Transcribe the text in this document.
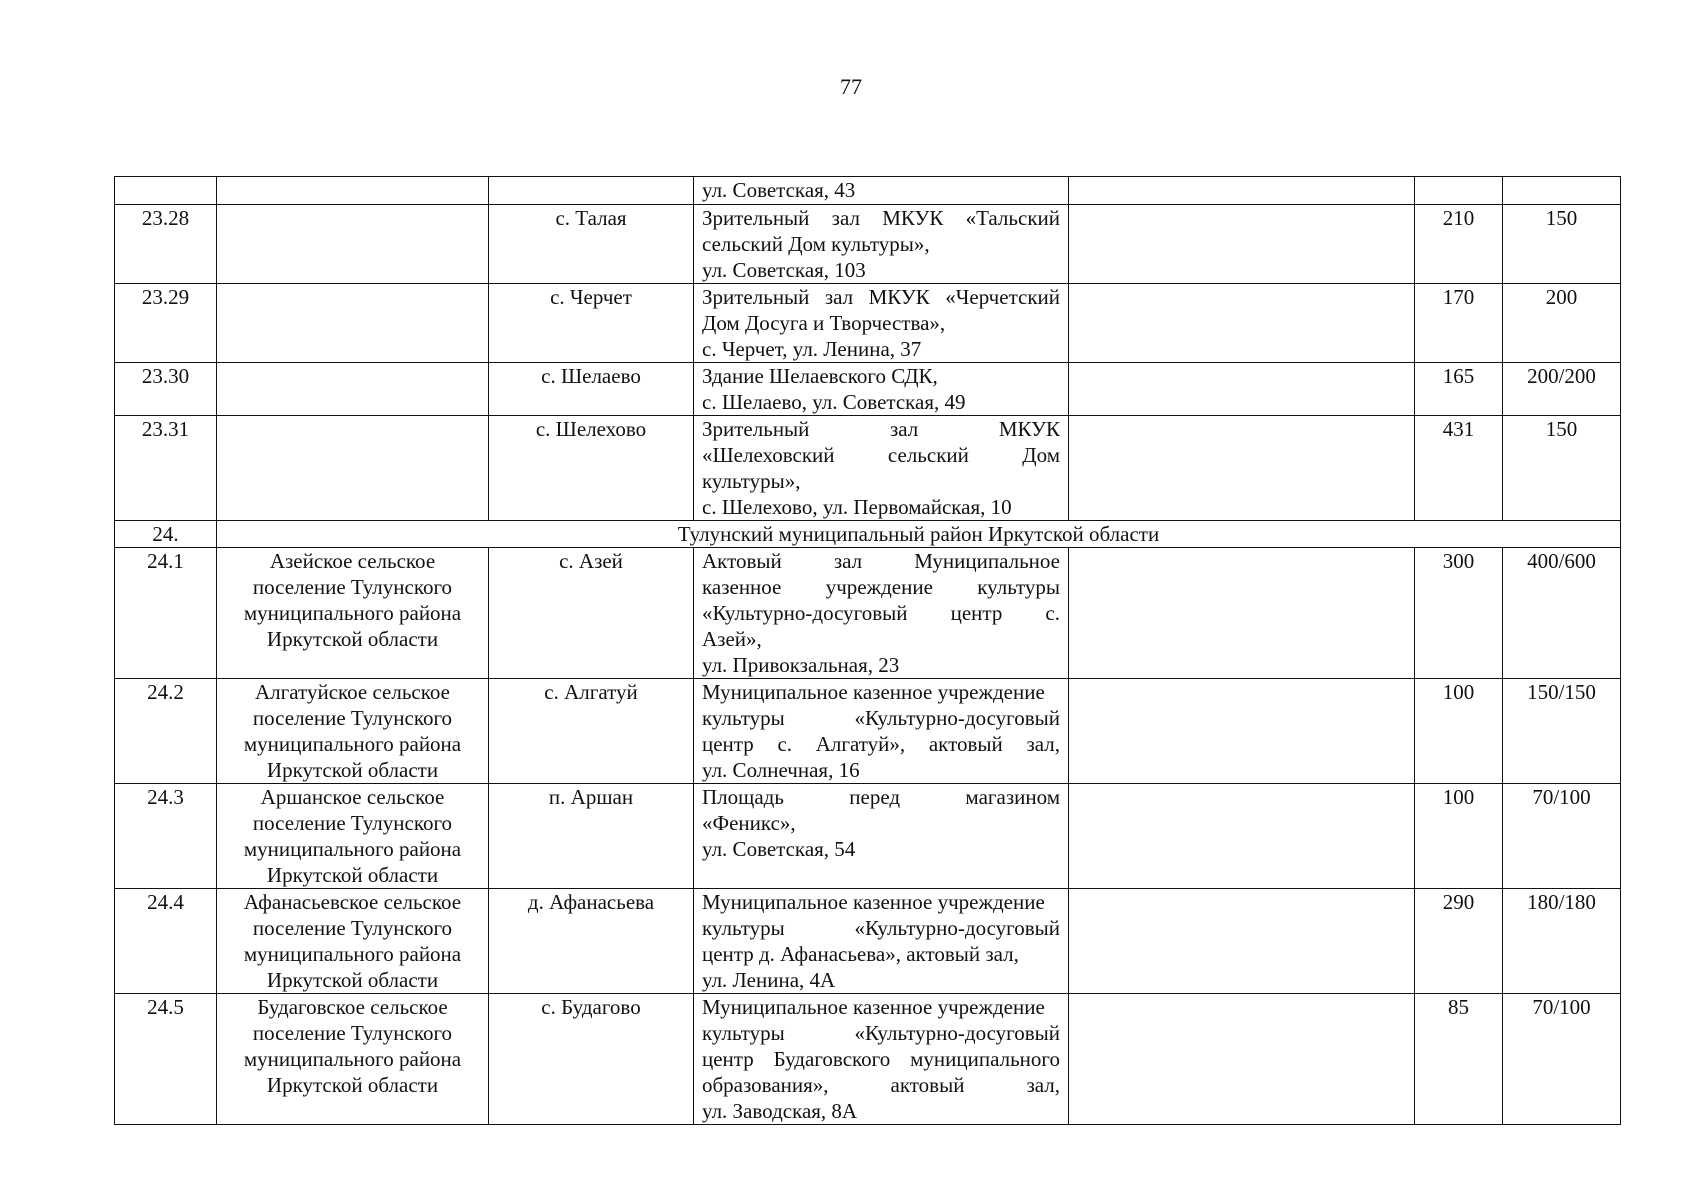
77

			ул. Советская, 43			

23.28		с. Талая	Зрительный зал МКУК «Тальский
сельский Дом культуры»,
ул. Советская, 103		210	150
23.29		с. Черчет	Зрительный зал МКУК «Черчетский
Дом Досуга и Творчества»,
с. Черчет, ул. Ленина, 37		170	200
23.30		с. Шелаево	Здание Шелаевского СДК,
с. Шелаево, ул. Советская, 49		165	200/200
23.31		с. Шелехово	Зрительный зал МКУК
«Шелеховский сельский Дом
культуры»,
с. Шелехово, ул. Первомайская, 10		431	150
24.	Тулунский муниципальный район Иркутской области					
24.1	Азейское сельское
поселение Тулунского
муниципального района
Иркутской области	с. Азей	Актовый зал Муниципальное
казенное учреждение культуры
«Культурно-досуговый центр с.
Азей»,
ул. Привокзальная, 23		300	400/600
24.2	Алгатуйское сельское
поселение Тулунского
муниципального района
Иркутской области	с. Алгатуй	Муниципальное казенное учреждение
культуры «Культурно-досуговый
центр с. Алгатуй», актовый зал,
ул. Солнечная, 16		100	150/150
24.3	Аршанское сельское
поселение Тулунского
муниципального района
Иркутской области	п. Аршан	Площадь перед магазином
«Феникс»,
ул. Советская, 54		100	70/100
24.4	Афанасьевское сельское
поселение Тулунского
муниципального района
Иркутской области	д. Афанасьева	Муниципальное казенное учреждение
культуры «Культурно-досуговый
центр д. Афанасьева», актовый зал,
ул. Ленина, 4А		290	180/180
24.5	Будаговское сельское
поселение Тулунского
муниципального района
Иркутской области	с. Будагово	Муниципальное казенное учреждение
культуры «Культурно-досуговый
центр Будаговского муниципального
образования», актовый зал,
ул. Заводская, 8А		85	70/100
